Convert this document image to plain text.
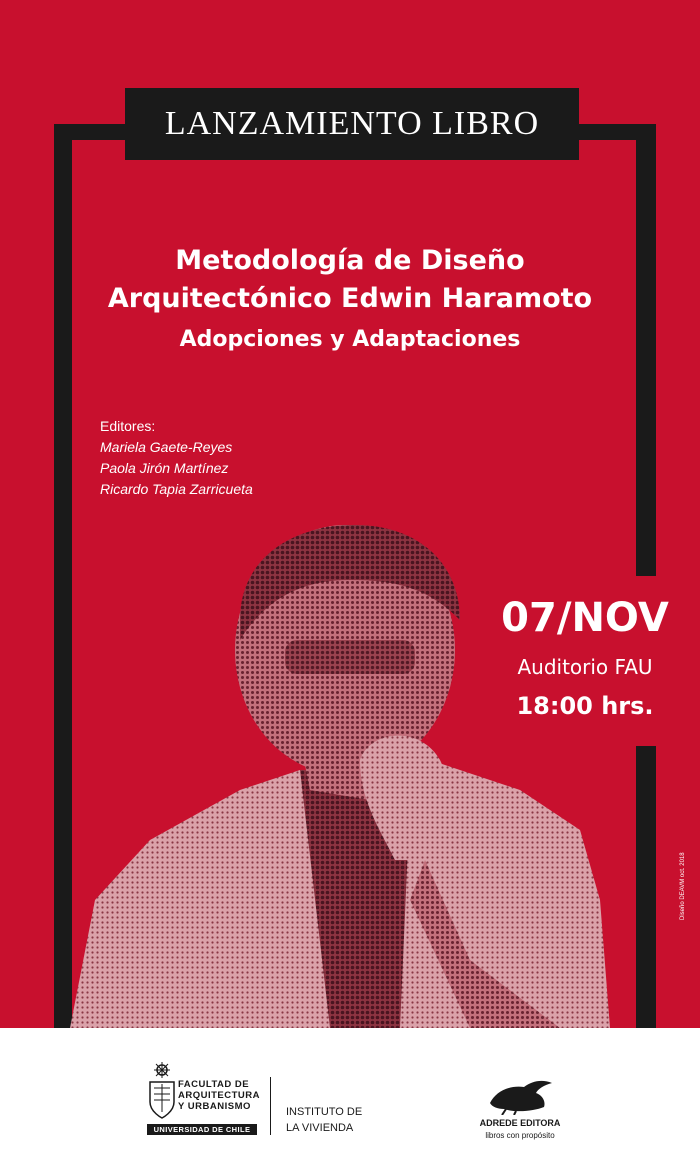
LANZAMIENTO LIBRO
Metodología de Diseño
Arquitectónico Edwin Haramoto
Adopciones y Adaptaciones
Editores:
Mariela Gaete-Reyes
Paola Jirón Martínez
Ricardo Tapia Zarricueta
07/NOV
Auditorio FAU
18:00 hrs.
Diseño DEAVM oct. 2018
FACULTAD DE
ARQUITECTURA
Y URBANISMO
UNIVERSIDAD DE CHILE
INSTITUTO DE
LA VIVIENDA	ADREDE EDITORA
libros con propósito
